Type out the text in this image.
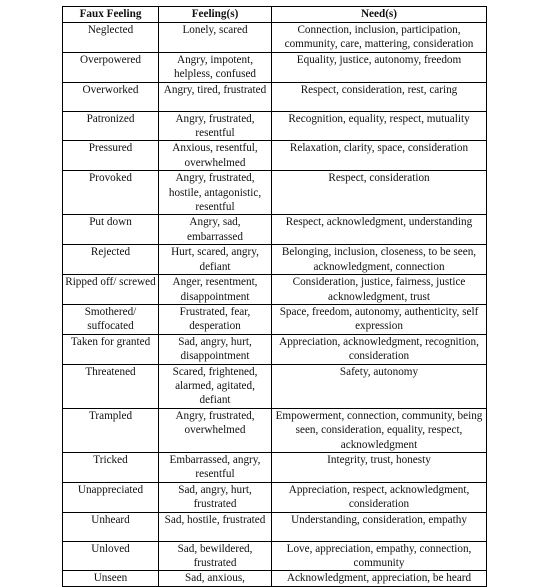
Faux Feeling	Feeling(s)	Need(s)
Neglected	Lonely, scared	Connection, inclusion, participation, community, care, mattering, consideration
Overpowered	Angry, impotent, helpless, confused	Equality, justice, autonomy, freedom
Overworked	Angry, tired, frustrated	Respect, consideration, rest, caring
Patronized	Angry, frustrated, resentful	Recognition, equality, respect, mutuality
Pressured	Anxious, resentful, overwhelmed	Relaxation, clarity, space, consideration
Provoked	Angry, frustrated, hostile, antagonistic, resentful	Respect, consideration
Put down	Angry, sad, embarrassed	Respect, acknowledgment, understanding
Rejected	Hurt, scared, angry, defiant	Belonging, inclusion, closeness, to be seen, acknowledgment, connection
Ripped off/ screwed	Anger, resentment, disappointment	Consideration, justice, fairness, justice acknowledgment, trust
Smothered/ suffocated	Frustrated, fear, desperation	Space, freedom, autonomy, authenticity, self expression
Taken for granted	Sad, angry, hurt, disappointment	Appreciation, acknowledgment, recognition, consideration
Threatened	Scared, frightened, alarmed, agitated, defiant	Safety, autonomy
Trampled	Angry, frustrated, overwhelmed	Empowerment, connection, community, being seen, consideration, equality, respect, acknowledgment
Tricked	Embarrassed, angry, resentful	Integrity, trust, honesty
Unappreciated	Sad, angry, hurt, frustrated	Appreciation, respect, acknowledgment, consideration
Unheard	Sad, hostile, frustrated	Understanding, consideration, empathy
Unloved	Sad, bewildered, frustrated	Love, appreciation, empathy, connection, community
Unseen	Sad, anxious,	Acknowledgment, appreciation, be heard
